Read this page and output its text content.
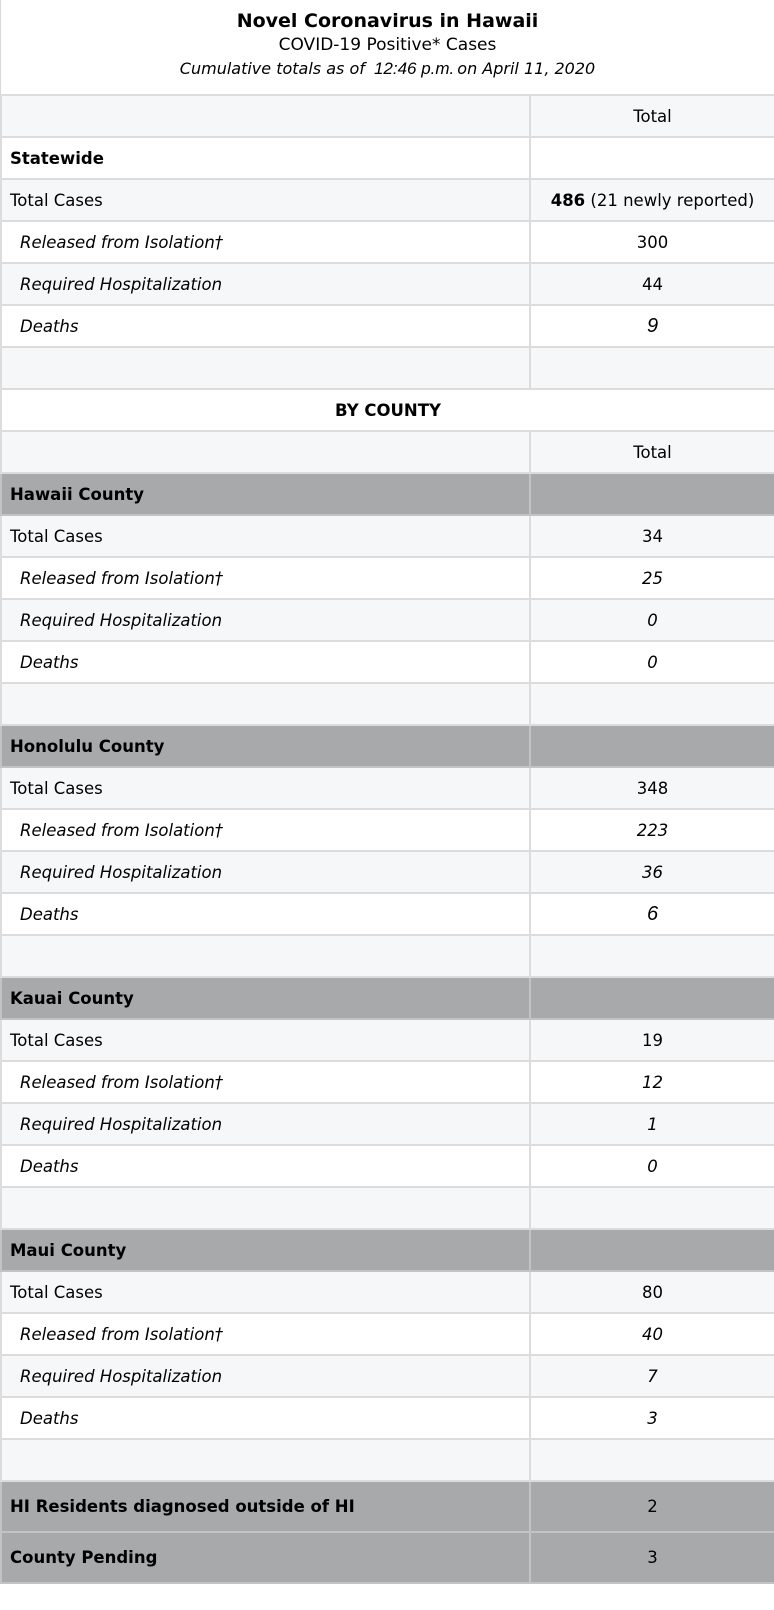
Novel Coronavirus in Hawaii
COVID-19 Positive* Cases
Cumulative totals as of 12:46 p.m. on April 11, 2020
	Total
Statewide	
Total Cases	486 (21 newly reported)
Released from Isolation†	300
Required Hospitalization	44
Deaths	9

BY COUNTY	
	Total
Hawaii County	
Total Cases	34
Released from Isolation†	25
Required Hospitalization	0
Deaths	0

Honolulu County	
Total Cases	348
Released from Isolation†	223
Required Hospitalization	36
Deaths	6

Kauai County	
Total Cases	19
Released from Isolation†	12
Required Hospitalization	1
Deaths	0

Maui County	
Total Cases	80
Released from Isolation†	40
Required Hospitalization	7
Deaths	3

HI Residents diagnosed outside of HI	2
County Pending	3
